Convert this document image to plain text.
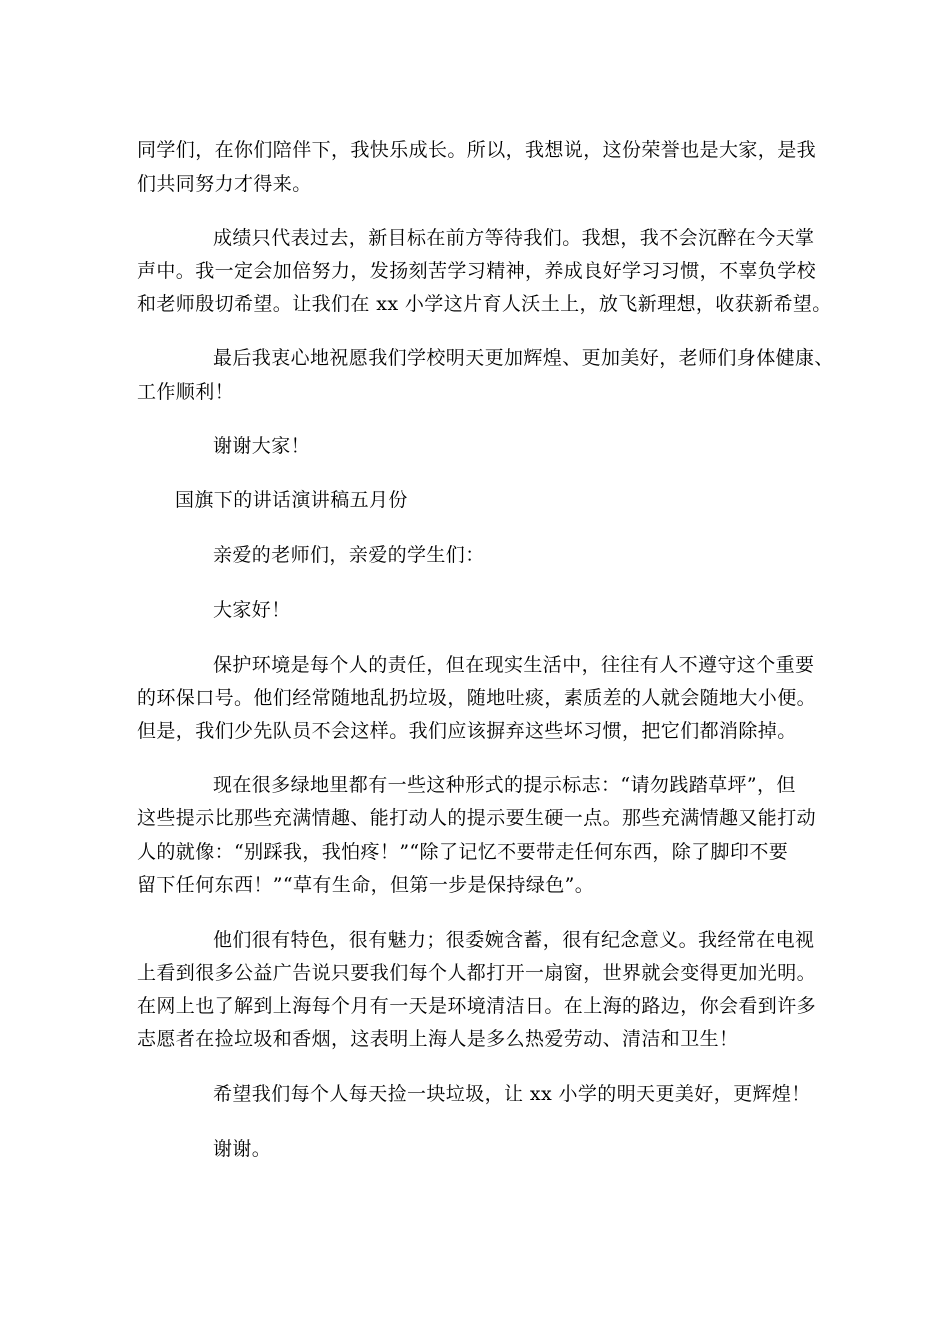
同学们，在你们陪伴下，我快乐成长。所以，我想说，这份荣誉也是大家，是我
们共同努力才得来。
成绩只代表过去，新目标在前方等待我们。我想，我不会沉醉在今天掌
声中。我一定会加倍努力，发扬刻苦学习精神，养成良好学习习惯，不辜负学校
和老师殷切希望。让我们在 xx 小学这片育人沃土上，放飞新理想，收获新希望。
最后我衷心地祝愿我们学校明天更加辉煌、更加美好，老师们身体健康、
工作顺利！
谢谢大家！
国旗下的讲话演讲稿五月份
亲爱的老师们，亲爱的学生们：
大家好！
保护环境是每个人的责任，但在现实生活中，往往有人不遵守这个重要
的环保口号。他们经常随地乱扔垃圾，随地吐痰，素质差的人就会随地大小便。
但是，我们少先队员不会这样。我们应该摒弃这些坏习惯，把它们都消除掉。
现在很多绿地里都有一些这种形式的提示标志：“请勿践踏草坪”，但
这些提示比那些充满情趣、能打动人的提示要生硬一点。那些充满情趣又能打动
人的就像：“别踩我，我怕疼！”“除了记忆不要带走任何东西，除了脚印不要
留下任何东西！”“草有生命，但第一步是保持绿色”。
他们很有特色，很有魅力；很委婉含蓄，很有纪念意义。我经常在电视
上看到很多公益广告说只要我们每个人都打开一扇窗，世界就会变得更加光明。
在网上也了解到上海每个月有一天是环境清洁日。在上海的路边，你会看到许多
志愿者在捡垃圾和香烟，这表明上海人是多么热爱劳动、清洁和卫生！
希望我们每个人每天捡一块垃圾，让 xx 小学的明天更美好，更辉煌！
谢谢。
